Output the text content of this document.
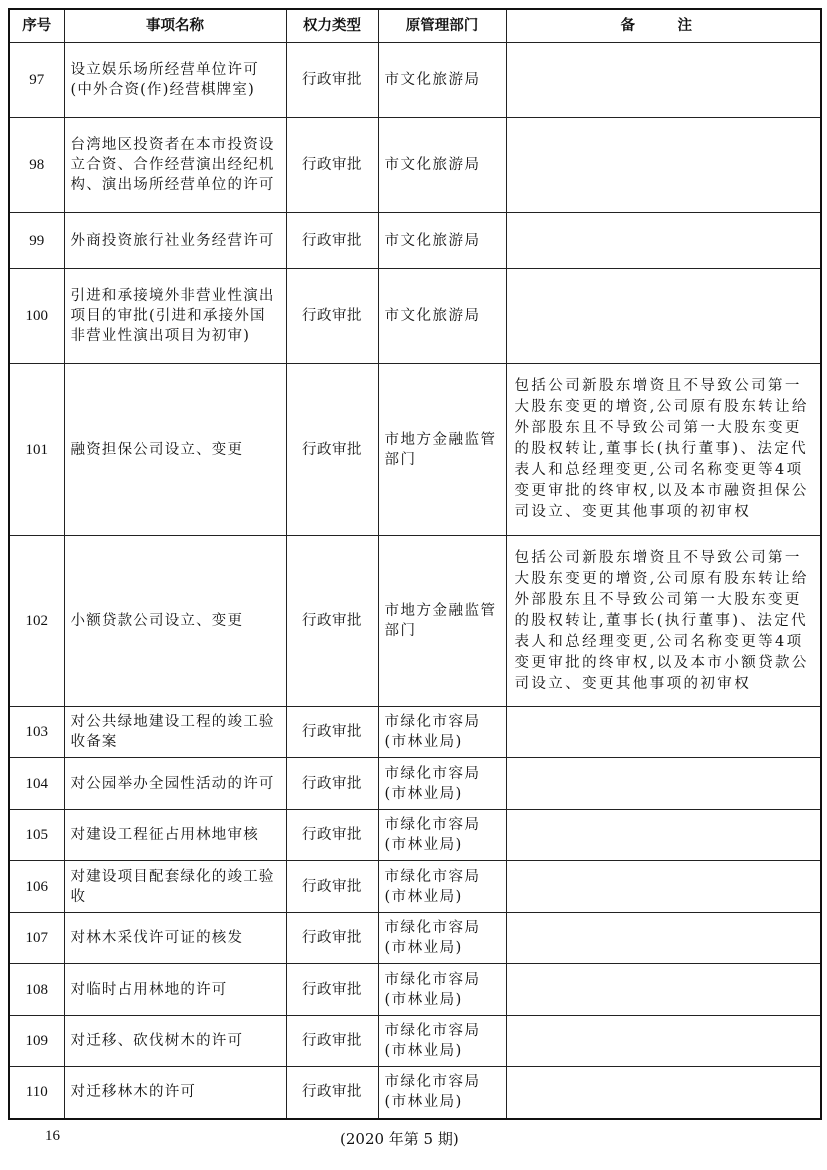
序号	事项名称	权力类型	原管理部门	备　注
97	设立娱乐场所经营单位许可(中外合资(作)经营棋牌室)	行政审批	市文化旅游局	
98	台湾地区投资者在本市投资设立合资、合作经营演出经纪机构、演出场所经营单位的许可	行政审批	市文化旅游局	
99	外商投资旅行社业务经营许可	行政审批	市文化旅游局	
100	引进和承接境外非营业性演出项目的审批(引进和承接外国非营业性演出项目为初审)	行政审批	市文化旅游局	
101	融资担保公司设立、变更	行政审批	市地方金融监管部门	包括公司新股东增资且不导致公司第一大股东变更的增资,公司原有股东转让给外部股东且不导致公司第一大股东变更的股权转让,董事长(执行董事)、法定代表人和总经理变更,公司名称变更等4项变更审批的终审权,以及本市融资担保公司设立、变更其他事项的初审权
102	小额贷款公司设立、变更	行政审批	市地方金融监管部门	包括公司新股东增资且不导致公司第一大股东变更的增资,公司原有股东转让给外部股东且不导致公司第一大股东变更的股权转让,董事长(执行董事)、法定代表人和总经理变更,公司名称变更等4项变更审批的终审权,以及本市小额贷款公司设立、变更其他事项的初审权
103	对公共绿地建设工程的竣工验收备案	行政审批	市绿化市容局(市林业局)	
104	对公园举办全园性活动的许可	行政审批	市绿化市容局(市林业局)	
105	对建设工程征占用林地审核	行政审批	市绿化市容局(市林业局)	
106	对建设项目配套绿化的竣工验收	行政审批	市绿化市容局(市林业局)	
107	对林木采伐许可证的核发	行政审批	市绿化市容局(市林业局)	
108	对临时占用林地的许可	行政审批	市绿化市容局(市林业局)	
109	对迁移、砍伐树木的许可	行政审批	市绿化市容局(市林业局)	
110	对迁移林木的许可	行政审批	市绿化市容局(市林业局)	
16	(2020 年第 5 期)
